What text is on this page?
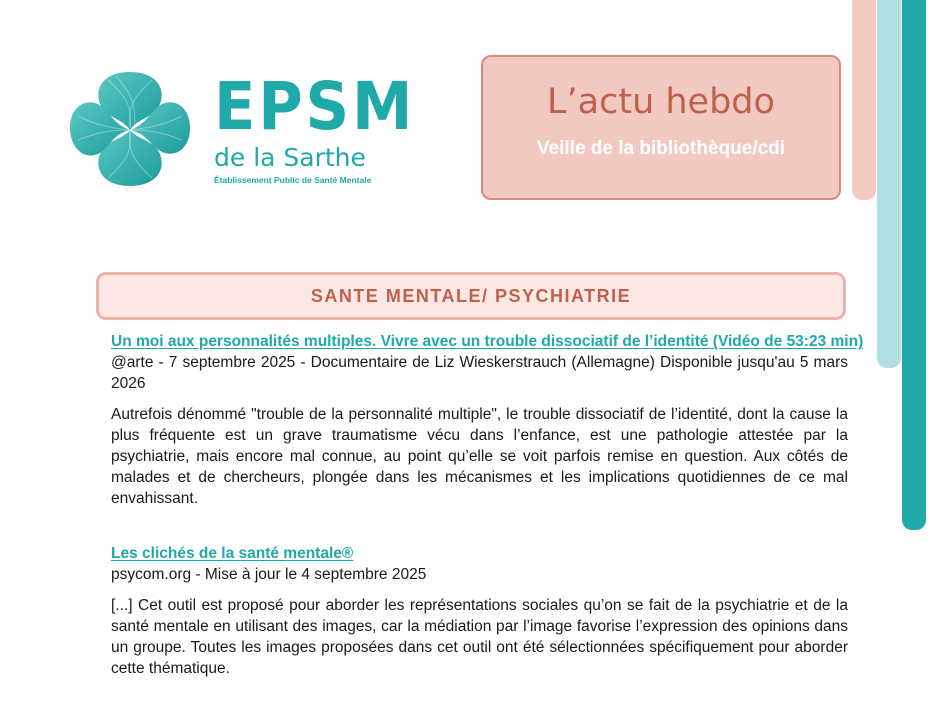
EPSM
de la Sarthe
Établissement Public de Santé Mentale
L’actu hebdo
Veille de la bibliothèque/cdi
SANTE MENTALE/ PSYCHIATRIE
Un moi aux personnalités multiples. Vivre avec un trouble dissociatif de l’identité (Vidéo de 53:23 min)

@arte - 7 septembre 2025 - Documentaire de Liz Wieskerstrauch (Allemagne) Disponible jusqu'au 5 mars 2026

Autrefois dénommé "trouble de la personnalité multiple", le trouble dissociatif de l’identité, dont la cause la plus fréquente est un grave traumatisme vécu dans l’enfance, est une pathologie attestée par la psychiatrie, mais encore mal connue, au point qu’elle se voit parfois remise en question. Aux côtés de malades et de chercheurs, plongée dans les mécanismes et les implications quotidiennes de ce mal envahissant.

Les clichés de la santé mentale®

psycom.org - Mise à jour le 4 septembre 2025

[...] Cet outil est proposé pour aborder les représentations sociales qu’on se fait de la psychiatrie et de la santé mentale en utilisant des images, car la médiation par l’image favorise l’expression des opinions dans un groupe. Toutes les images proposées dans cet outil ont été sélectionnées spécifiquement pour aborder cette thématique.
